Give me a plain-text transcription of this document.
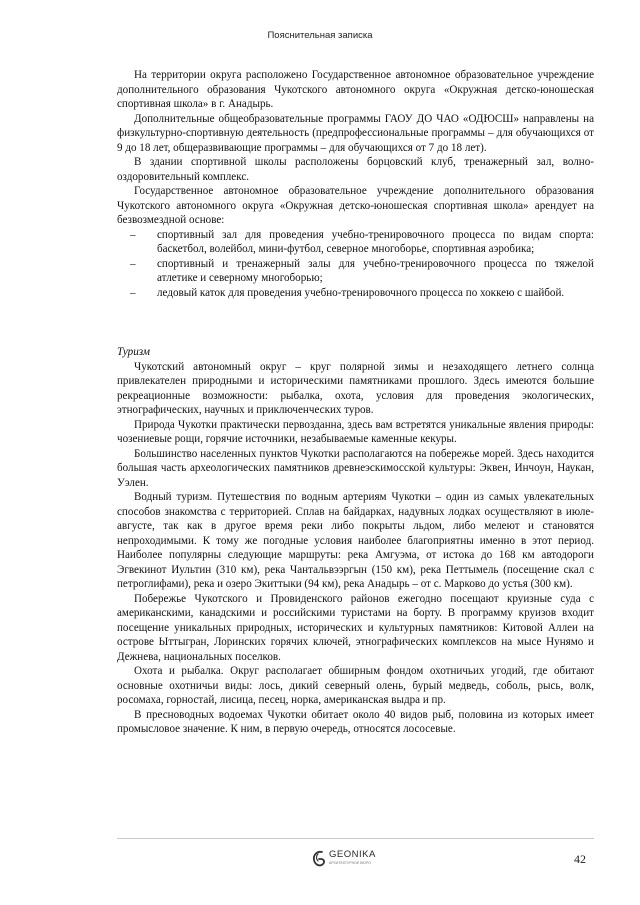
Пояснительная записка

На территории округа расположено Государственное автономное образовательное учреждение дополнительного образования Чукотского автономного округа «Окружная детско-юношеская спортивная школа» в г. Анадырь.

Дополнительные общеобразовательные программы ГАОУ ДО ЧАО «ОДЮСШ» направлены на физкультурно-спортивную деятельность (предпрофессиональные программы – для обучающихся от 9 до 18 лет, общеразвивающие программы – для обучающихся от 7 до 18 лет).

В здании спортивной школы расположены борцовский клуб, тренажерный зал, волно-оздоровительный комплекс.

Государственное автономное образовательное учреждение дополнительного образования Чукотского автономного округа «Окружная детско-юношеская спортивная школа» арендует на безвозмездной основе:

– спортивный зал для проведения учебно-тренировочного процесса по видам спорта: баскетбол, волейбол, мини-футбол, северное многоборье, спортивная аэробика;
– спортивный и тренажерный залы для учебно-тренировочного процесса по тяжелой атлетике и северному многоборью;
– ледовый каток для проведения учебно-тренировочного процесса по хоккею с шайбой.

Туризм

Чукотский автономный округ – круг полярной зимы и незаходящего летнего солнца привлекателен природными и историческими памятниками прошлого. Здесь имеются большие рекреационные возможности: рыбалка, охота, условия для проведения экологических, этнографических, научных и приключенческих туров.

Природа Чукотки практически первозданна, здесь вам встретятся уникальные явления природы: чозениевые рощи, горячие источники, незабываемые каменные кекуры.

Большинство населенных пунктов Чукотки располагаются на побережье морей. Здесь находится большая часть археологических памятников древнеэскимосской культуры: Эквен, Инчоун, Наукан, Уэлен.

Водный туризм. Путешествия по водным артериям Чукотки – один из самых увлекательных способов знакомства с территорией. Сплав на байдарках, надувных лодках осуществляют в июле-августе, так как в другое время реки либо покрыты льдом, либо мелеют и становятся непроходимыми. К тому же погодные условия наиболее благоприятны именно в этот период. Наиболее популярны следующие маршруты: река Амгуэма, от истока до 168 км автодороги Эгвекинот Иультин (310 км), река Чантальвээргын (150 км), река Петтымель (посещение скал с петроглифами), река и озеро Экиттыки (94 км), река Анадырь – от с. Марково до устья (300 км).

Побережье Чукотского и Провиденского районов ежегодно посещают круизные суда с американскими, канадскими и российскими туристами на борту. В программу круизов входит посещение уникальных природных, исторических и культурных памятников: Китовой Аллеи на острове Ыттыгран, Лоринских горячих ключей, этнографических комплексов на мысе Нунямо и Дежнева, национальных поселков.

Охота и рыбалка. Округ располагает обширным фондом охотничьих угодий, где обитают основные охотничьи виды: лось, дикий северный олень, бурый медведь, соболь, рысь, волк, росомаха, горностай, лисица, песец, норка, американская выдра и пр.

В пресноводных водоемах Чукотки обитает около 40 видов рыб, половина из которых имеет промысловое значение. К ним, в первую очередь, относятся лососевые.

GEONIKA
АРХИТЕКТУРНОЕ БЮРО	42
